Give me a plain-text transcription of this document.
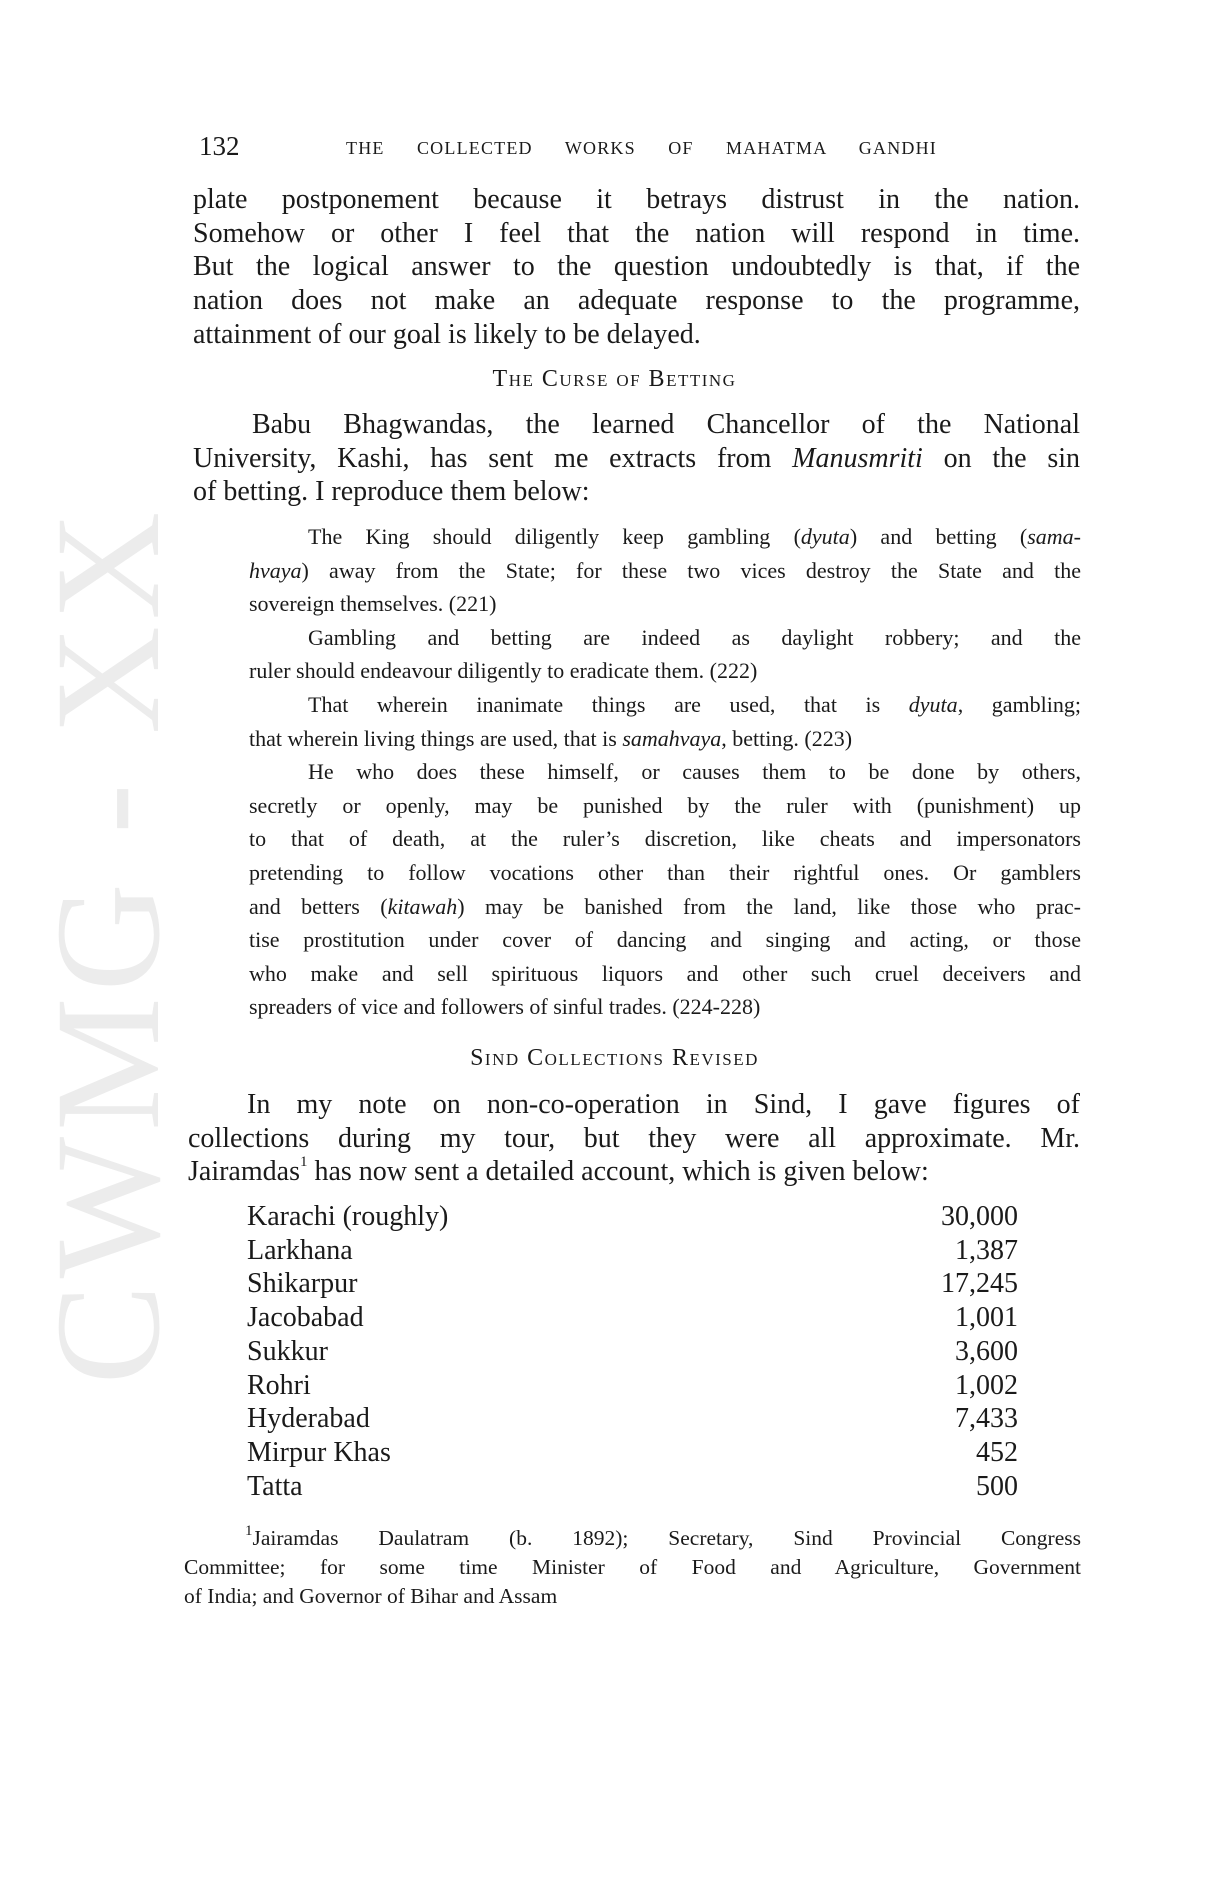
CWMG - XX
132	THE COLLECTED WORKS OF MAHATMA GANDHI
plate postponement because it betrays distrust in the nation.
Somehow or other I feel that the nation will respond in time.
But the logical answer to the question undoubtedly is that, if the
nation does not make an adequate response to the programme,
attainment of our goal is likely to be delayed.
The Curse of Betting
Babu Bhagwandas, the learned Chancellor of the National
University, Kashi, has sent me extracts from Manusmriti on the sin
of betting. I reproduce them below:
The King should diligently keep gambling (dyuta) and betting (sama-
hvaya) away from the State; for these two vices destroy the State and the
sovereign themselves. (221)
Gambling and betting are indeed as daylight robbery; and the
ruler should endeavour diligently to eradicate them. (222)
That wherein inanimate things are used, that is dyuta, gambling;
that wherein living things are used, that is samahvaya, betting. (223)
He who does these himself, or causes them to be done by others,
secretly or openly, may be punished by the ruler with (punishment) up
to that of death, at the ruler’s discretion, like cheats and impersonators
pretending to follow vocations other than their rightful ones. Or gamblers
and betters (kitawah) may be banished from the land, like those who prac-
tise prostitution under cover of dancing and singing and acting, or those
who make and sell spirituous liquors and other such cruel deceivers and
spreaders of vice and followers of sinful trades. (224-228)
Sind Collections Revised
In my note on non-co-operation in Sind, I gave figures of
collections during my tour, but they were all approximate. Mr.
Jairamdas$^1$ has now sent a detailed account, which is given below:
Karachi (roughly)	30,000
Larkhana	1,387
Shikarpur	17,245
Jacobabad	1,001
Sukkur	3,600
Rohri	1,002
Hyderabad	7,433
Mirpur Khas	452
Tatta	500
$^1$Jairamdas Daulatram (b. 1892); Secretary, Sind Provincial Congress
Committee; for some time Minister of Food and Agriculture, Government
of India; and Governor of Bihar and Assam
